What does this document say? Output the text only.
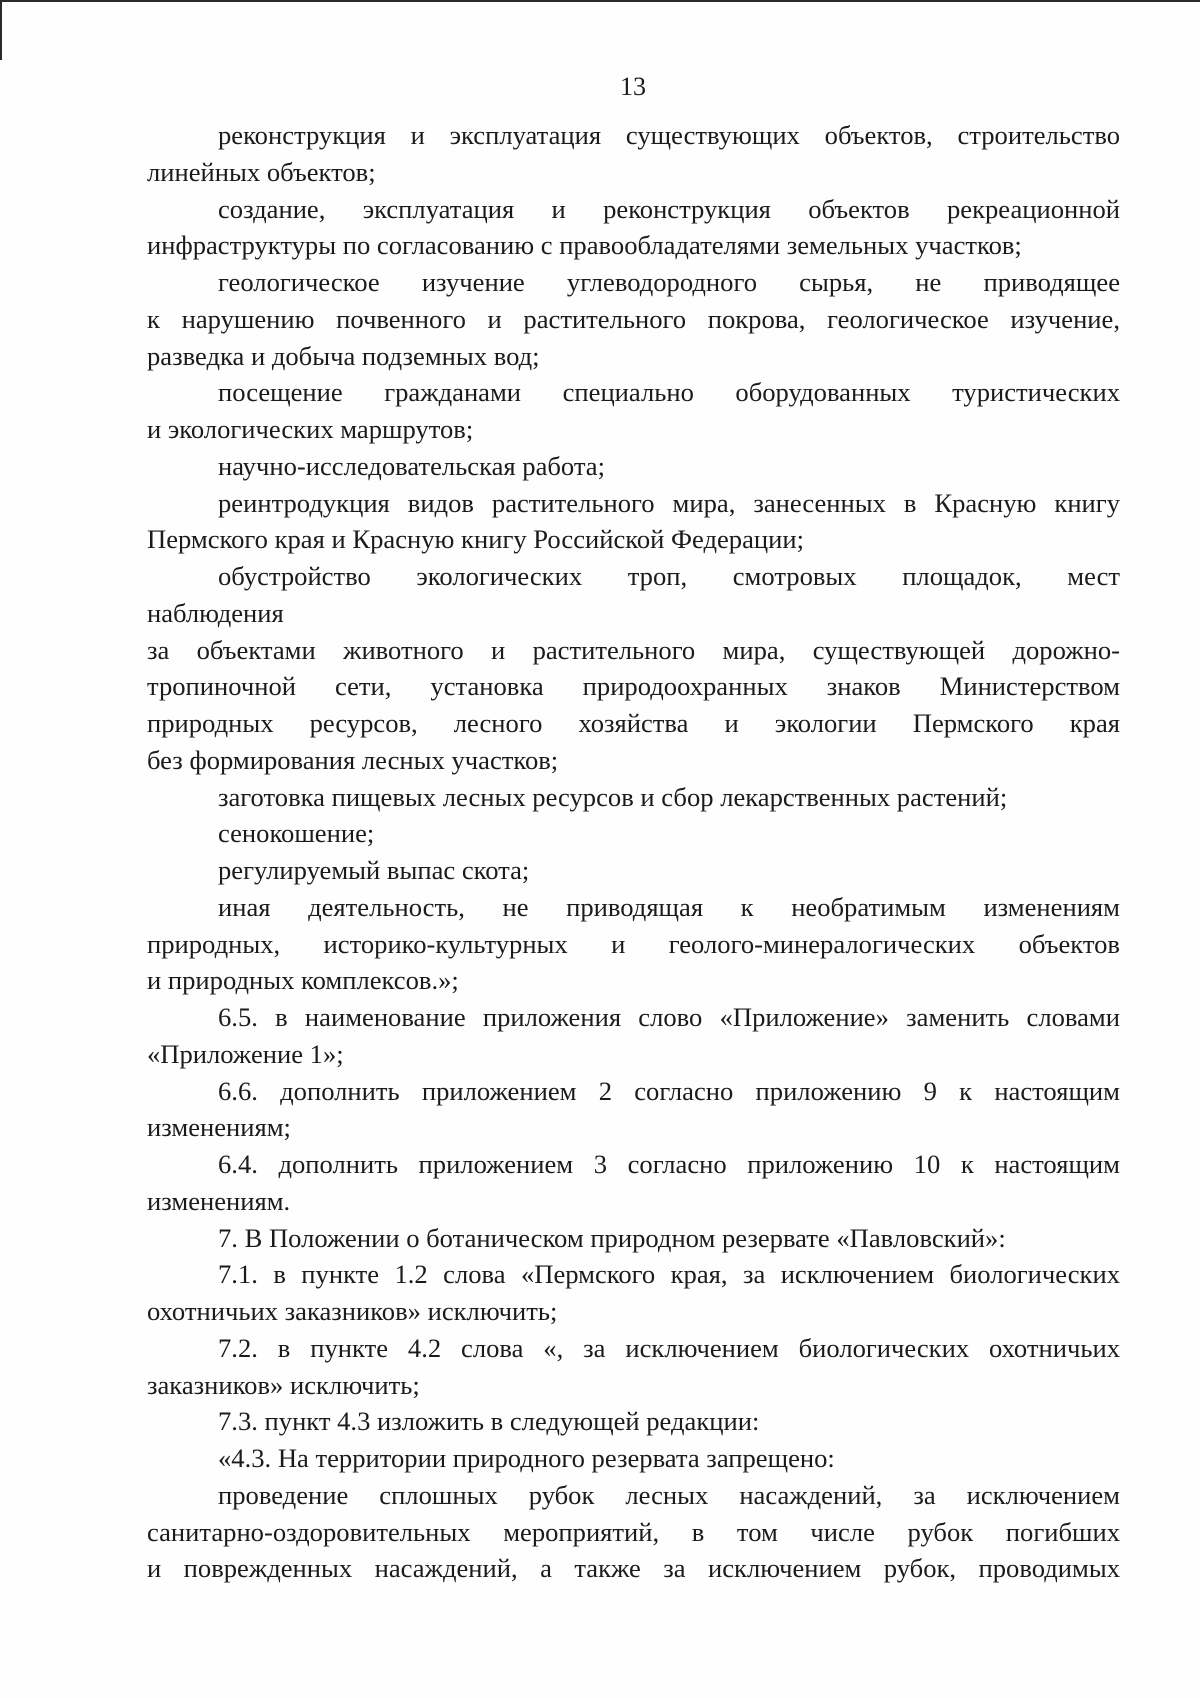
13
реконструкция и эксплуатация существующих объектов, строительство
линейных объектов;
создание, эксплуатация и реконструкция объектов рекреационной
инфраструктуры по согласованию с правообладателями земельных участков;
геологическое изучение углеводородного сырья, не приводящее
к нарушению почвенного и растительного покрова, геологическое изучение,
разведка и добыча подземных вод;
посещение гражданами специально оборудованных туристических
и экологических маршрутов;
научно-исследовательская работа;
реинтродукция видов растительного мира, занесенных в Красную книгу
Пермского края и Красную книгу Российской Федерации;
обустройство экологических троп, смотровых площадок, мест
наблюдения
за объектами животного и растительного мира, существующей дорожно-
тропиночной сети, установка природоохранных знаков Министерством
природных ресурсов, лесного хозяйства и экологии Пермского края
без формирования лесных участков;
заготовка пищевых лесных ресурсов и сбор лекарственных растений;
сенокошение;
регулируемый выпас скота;
иная деятельность, не приводящая к необратимым изменениям
природных, историко-культурных и геолого-минералогических объектов
и природных комплексов.»;
6.5. в наименование приложения слово «Приложение» заменить словами
«Приложение 1»;
6.6. дополнить приложением 2 согласно приложению 9 к настоящим
изменениям;
6.4. дополнить приложением 3 согласно приложению 10 к настоящим
изменениям.
7. В Положении о ботаническом природном резервате «Павловский»:
7.1. в пункте 1.2 слова «Пермского края, за исключением биологических
охотничьих заказников» исключить;
7.2. в пункте 4.2 слова «, за исключением биологических охотничьих
заказников» исключить;
7.3. пункт 4.3 изложить в следующей редакции:
«4.3. На территории природного резервата запрещено:
проведение сплошных рубок лесных насаждений, за исключением
санитарно-оздоровительных мероприятий, в том числе рубок погибших
и поврежденных насаждений, а также за исключением рубок, проводимых
